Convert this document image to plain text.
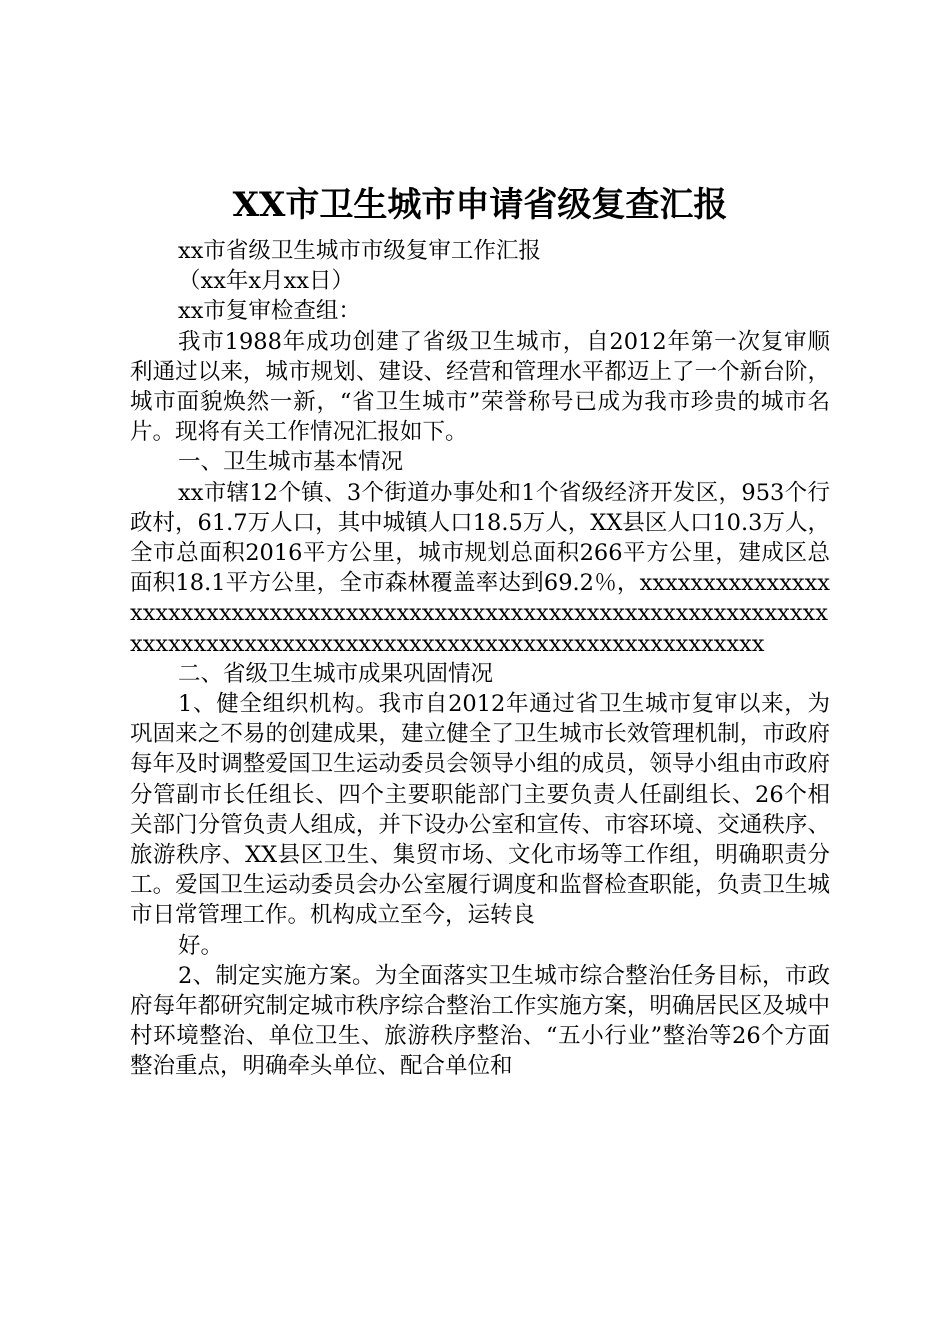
XX市卫生城市申请省级复查汇报

xx市省级卫生城市市级复审工作汇报

（xx年x月xx日）

xx市复审检查组：

我市1988年成功创建了省级卫生城市，自2012年第一次复审顺利通过以来，城市规划、建设、经营和管理水平都迈上了一个新台阶，城市面貌焕然一新，“省卫生城市”荣誉称号已成为我市珍贵的城市名片。现将有关工作情况汇报如下。

一、卫生城市基本情况

xx市辖12个镇、3个街道办事处和1个省级经济开发区，953个行政村，61.7万人口，其中城镇人口18.5万人，XX县区人口10.3万人，全市总面积2016平方公里，城市规划总面积266平方公里，建成区总面积18.1平方公里，全市森林覆盖率达到69.2％，xxxxxxxxxxxxxxxxxxxxxxxxxxxxxxxxxxxxxxxxxxxxxxxxxxxxxxxxxxxxxxxxxxxxxxxxxxxxxxxxxxxxxxxxxxxxxxxxxxxxxxxxxxxxxxxxxxxxxxxx

二、省级卫生城市成果巩固情况

1、健全组织机构。我市自2012年通过省卫生城市复审以来，为巩固来之不易的创建成果，建立健全了卫生城市长效管理机制，市政府每年及时调整爱国卫生运动委员会领导小组的成员，领导小组由市政府分管副市长任组长、四个主要职能部门主要负责人任副组长、26个相关部门分管负责人组成，并下设办公室和宣传、市容环境、交通秩序、旅游秩序、XX县区卫生、集贸市场、文化市场等工作组，明确职责分工。爱国卫生运动委员会办公室履行调度和监督检查职能，负责卫生城市日常管理工作。机构成立至今，运转良

好。

2、制定实施方案。为全面落实卫生城市综合整治任务目标，市政府每年都研究制定城市秩序综合整治工作实施方案，明确居民区及城中村环境整治、单位卫生、旅游秩序整治、“五小行业”整治等26个方面整治重点，明确牵头单位、配合单位和
